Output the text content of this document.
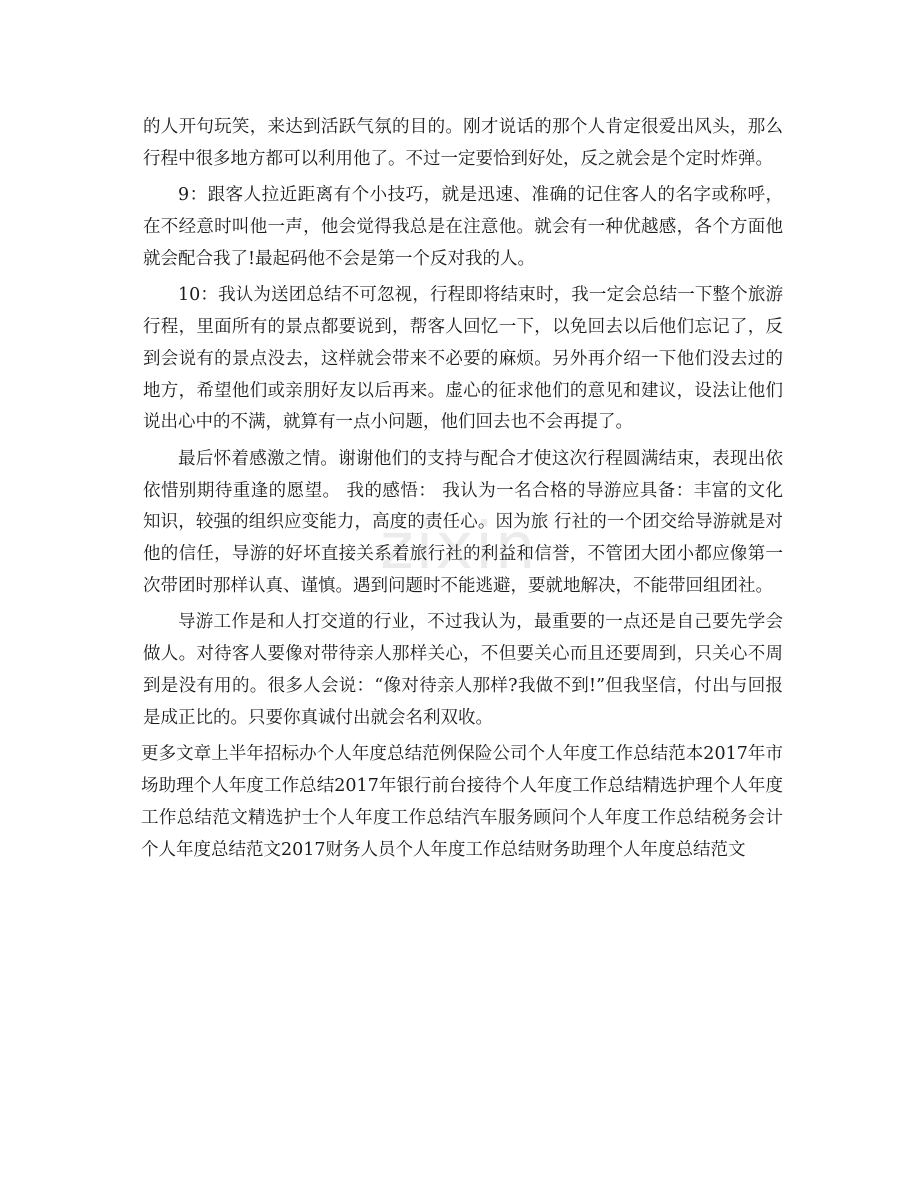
zixin

的人开句玩笑，来达到活跃气氛的目的。刚才说话的那个人肯定很爱出风头，那么行程中很多地方都可以利用他了。不过一定要恰到好处，反之就会是个定时炸弹。

9：跟客人拉近距离有个小技巧，就是迅速、准确的记住客人的名字或称呼，在不经意时叫他一声，他会觉得我总是在注意他。就会有一种优越感，各个方面他就会配合我了!最起码他不会是第一个反对我的人。

10：我认为送团总结不可忽视，行程即将结束时，我一定会总结一下整个旅游行程，里面所有的景点都要说到，帮客人回忆一下，以免回去以后他们忘记了，反到会说有的景点没去，这样就会带来不必要的麻烦。另外再介绍一下他们没去过的地方，希望他们或亲朋好友以后再来。虚心的征求他们的意见和建议，设法让他们说出心中的不满，就算有一点小问题，他们回去也不会再提了。

最后怀着感激之情。谢谢他们的支持与配合才使这次行程圆满结束，表现出依依惜别期待重逢的愿望。 我的感悟： 我认为一名合格的导游应具备：丰富的文化知识，较强的组织应变能力，高度的责任心。因为旅 行社的一个团交给导游就是对他的信任，导游的好坏直接关系着旅行社的利益和信誉，不管团大团小都应像第一次带团时那样认真、谨慎。遇到问题时不能逃避，要就地解决，不能带回组团社。

导游工作是和人打交道的行业，不过我认为，最重要的一点还是自己要先学会做人。对待客人要像对带待亲人那样关心，不但要关心而且还要周到，只关心不周到是没有用的。很多人会说：“像对待亲人那样?我做不到!”但我坚信，付出与回报是成正比的。只要你真诚付出就会名利双收。

更多文章上半年招标办个人年度总结范例保险公司个人年度工作总结范本2017年市场助理个人年度工作总结2017年银行前台接待个人年度工作总结精选护理个人年度工作总结范文精选护士个人年度工作总结汽车服务顾问个人年度工作总结税务会计个人年度总结范文2017财务人员个人年度工作总结财务助理个人年度总结范文
